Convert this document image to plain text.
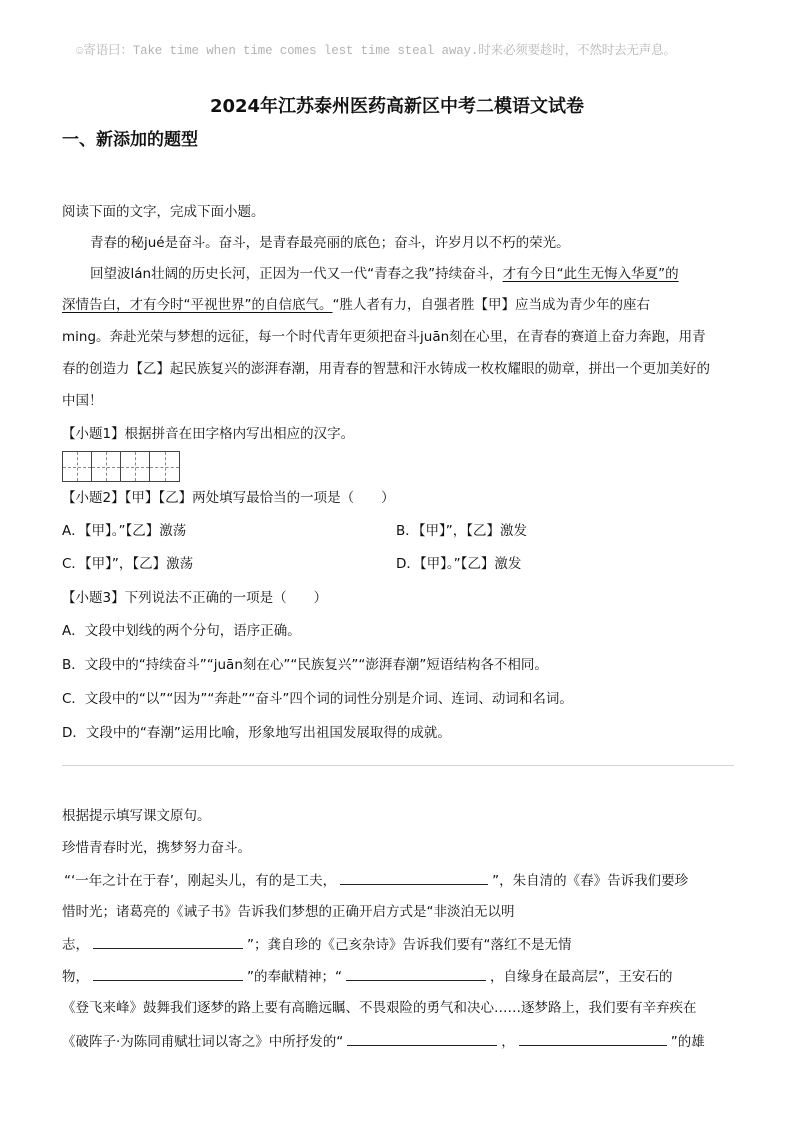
☺寄语曰：Take time when time comes lest time steal away.时来必须要趁时，不然时去无声息。
2024年江苏泰州医药高新区中考二模语文试卷
一、新添加的题型
阅读下面的文字，完成下面小题。
青春的秘jué是奋斗。奋斗，是青春最亮丽的底色；奋斗，许岁月以不朽的荣光。
回望波lán壮阔的历史长河，正因为一代又一代“青春之我”持续奋斗，才有今日“此生无悔入华夏”的
深情告白，才有今时“平视世界”的自信底气。“胜人者有力，自强者胜【甲】应当成为青少年的座右
ming。奔赴光荣与梦想的远征，每一个时代青年更须把奋斗juān刻在心里，在青春的赛道上奋力奔跑，用青
春的创造力【乙】起民族复兴的澎湃春潮，用青春的智慧和汗水铸成一枚枚耀眼的勋章，拼出一个更加美好的
中国！
【小题1】根据拼音在田字格内写出相应的汉字。
【小题2】【甲】【乙】两处填写最恰当的一项是（　　）
A．【甲】。”【乙】激荡	B．【甲】”，【乙】激发
C．【甲】”，【乙】激荡	D．【甲】。”【乙】激发
【小题3】下列说法不正确的一项是（　　）
A．文段中划线的两个分句，语序正确。
B．文段中的“持续奋斗”“juān刻在心”“民族复兴”“澎湃春潮”短语结构各不相同。
C．文段中的“以”“因为”“奔赴”“奋斗”四个词的词性分别是介词、连词、动词和名词。
D．文段中的“春潮”运用比喻，形象地写出祖国发展取得的成就。
根据提示填写课文原句。
珍惜青春时光，携梦努力奋斗。
“‘一年之计在于春’，刚起头儿，有的是工夫，	”，朱自清的《春》告诉我们要珍
惜时光；诸葛亮的《诫子书》告诉我们梦想的正确开启方式是“非淡泊无以明
志，	”；龚自珍的《己亥杂诗》告诉我们要有“落红不是无情
物，	”的奉献精神；“	，自缘身在最高层”，王安石的
《登飞来峰》鼓舞我们逐梦的路上要有高瞻远瞩、不畏艰险的勇气和决心……逐梦路上，我们要有辛弃疾在
《破阵子·为陈同甫赋壮词以寄之》中所抒发的“	，	”的雄
